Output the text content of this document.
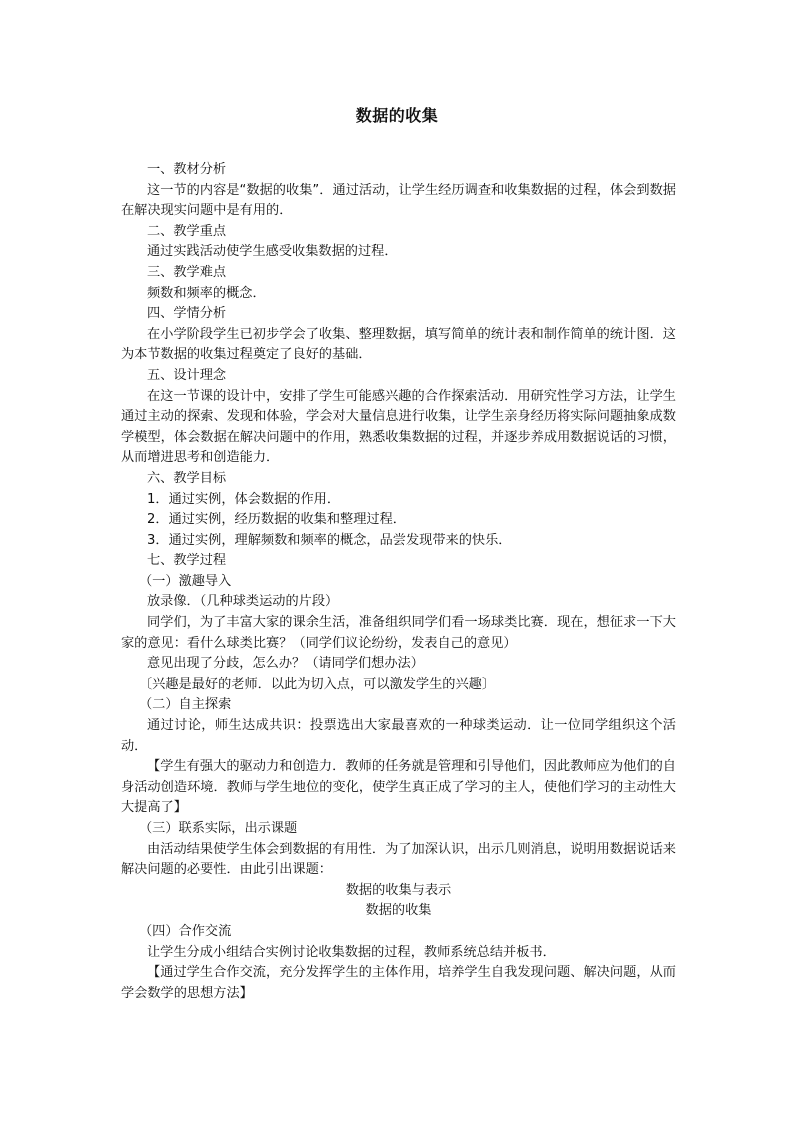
数据的收集

一、教材分析

这一节的内容是“数据的收集”．通过活动，让学生经历调查和收集数据的过程，体会到数据在解决现实问题中是有用的．

二、教学重点

通过实践活动使学生感受收集数据的过程．

三、教学难点

频数和频率的概念．

四、学情分析

在小学阶段学生已初步学会了收集、整理数据，填写简单的统计表和制作简单的统计图．这为本节数据的收集过程奠定了良好的基础．

五、设计理念

在这一节课的设计中，安排了学生可能感兴趣的合作探索活动．用研究性学习方法，让学生通过主动的探索、发现和体验，学会对大量信息进行收集，让学生亲身经历将实际问题抽象成数学模型，体会数据在解决问题中的作用，熟悉收集数据的过程，并逐步养成用数据说话的习惯，从而增进思考和创造能力．

六、教学目标

1．通过实例，体会数据的作用．

2．通过实例，经历数据的收集和整理过程．

3．通过实例，理解频数和频率的概念，品尝发现带来的快乐．

七、教学过程

（一）激趣导入

放录像．（几种球类运动的片段）

同学们，为了丰富大家的课余生活，准备组织同学们看一场球类比赛．现在，想征求一下大家的意见：看什么球类比赛？（同学们议论纷纷，发表自己的意见）

意见出现了分歧，怎么办？（请同学们想办法）

〔兴趣是最好的老师．以此为切入点，可以激发学生的兴趣〕

（二）自主探索

通过讨论，师生达成共识：投票选出大家最喜欢的一种球类运动．让一位同学组织这个活动．

【学生有强大的驱动力和创造力．教师的任务就是管理和引导他们，因此教师应为他们的自身活动创造环境．教师与学生地位的变化，使学生真正成了学习的主人，使他们学习的主动性大大提高了】

（三）联系实际，出示课题

由活动结果使学生体会到数据的有用性．为了加深认识，出示几则消息，说明用数据说话来解决问题的必要性．由此引出课题：

数据的收集与表示

数据的收集

（四）合作交流

让学生分成小组结合实例讨论收集数据的过程，教师系统总结并板书．

【通过学生合作交流，充分发挥学生的主体作用，培养学生自我发现问题、解决问题，从而学会数学的思想方法】
